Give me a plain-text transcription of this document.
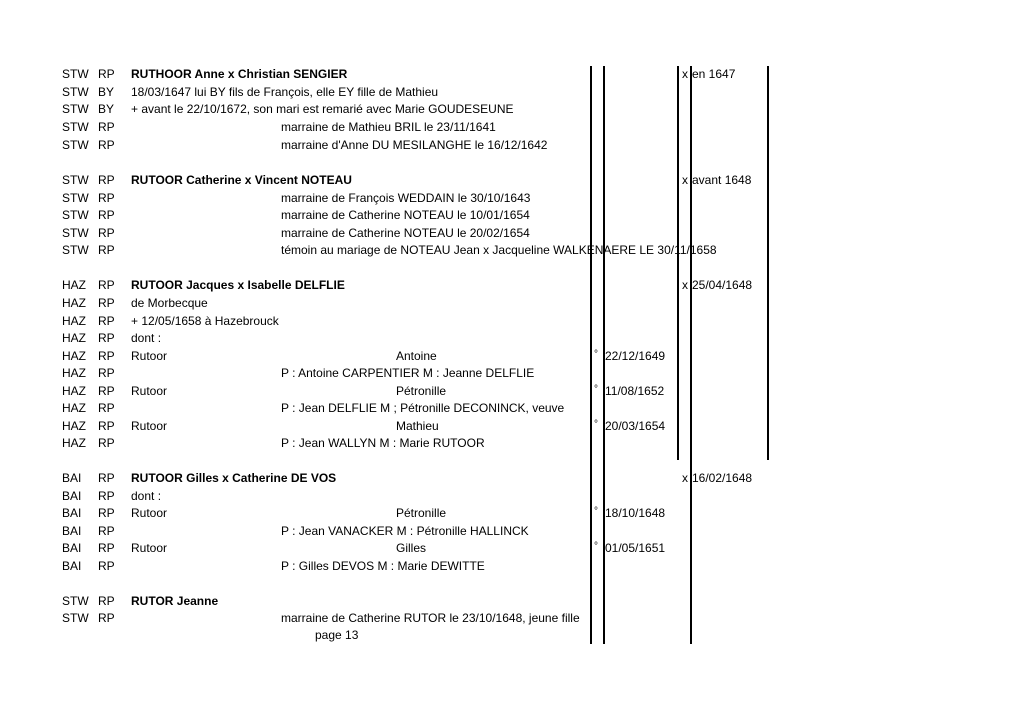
STW RP RUTHOOR Anne x Christian SENGIER	x en 1647
STW BY 18/03/1647 lui BY fils de François, elle EY fille de Mathieu
STW BY + avant le 22/10/1672, son mari est remarié avec Marie GOUDESEUNE
STW RP	marraine de Mathieu BRIL le 23/11/1641
STW RP	marraine d'Anne DU MESILANGHE le 16/12/1642
STW RP RUTOOR Catherine x Vincent NOTEAU	x avant 1648
STW RP	marraine de François WEDDAIN le 30/10/1643
STW RP	marraine de Catherine NOTEAU le 10/01/1654
STW RP	marraine de Catherine NOTEAU le 20/02/1654
STW RP	témoin au mariage de NOTEAU Jean x Jacqueline WALKENAERE LE 30/11/1658
HAZ RP RUTOOR Jacques x Isabelle DELFLIE	x 25/04/1648
HAZ RP de Morbecque
HAZ RP + 12/05/1658 à Hazebrouck
HAZ RP dont :
HAZ RP Rutoor	Antoine	° 22/12/1649
HAZ RP	P : Antoine CARPENTIER M : Jeanne DELFLIE
HAZ RP Rutoor	Pétronille	° 11/08/1652
HAZ RP	P : Jean DELFLIE M ; Pétronille DECONINCK, veuve
HAZ RP Rutoor	Mathieu	° 20/03/1654
HAZ RP	P : Jean WALLYN M : Marie RUTOOR
BAI RP RUTOOR Gilles x Catherine DE VOS	x 16/02/1648
BAI RP dont :
BAI RP Rutoor	Pétronille	° 18/10/1648
BAI RP	P : Jean VANACKER M : Pétronille HALLINCK
BAI RP Rutoor	Gilles	° 01/05/1651
BAI RP	P : Gilles DEVOS M : Marie DEWITTE
STW RP RUTOR Jeanne
STW RP	marraine de Catherine RUTOR le 23/10/1648, jeune fille
page 13
